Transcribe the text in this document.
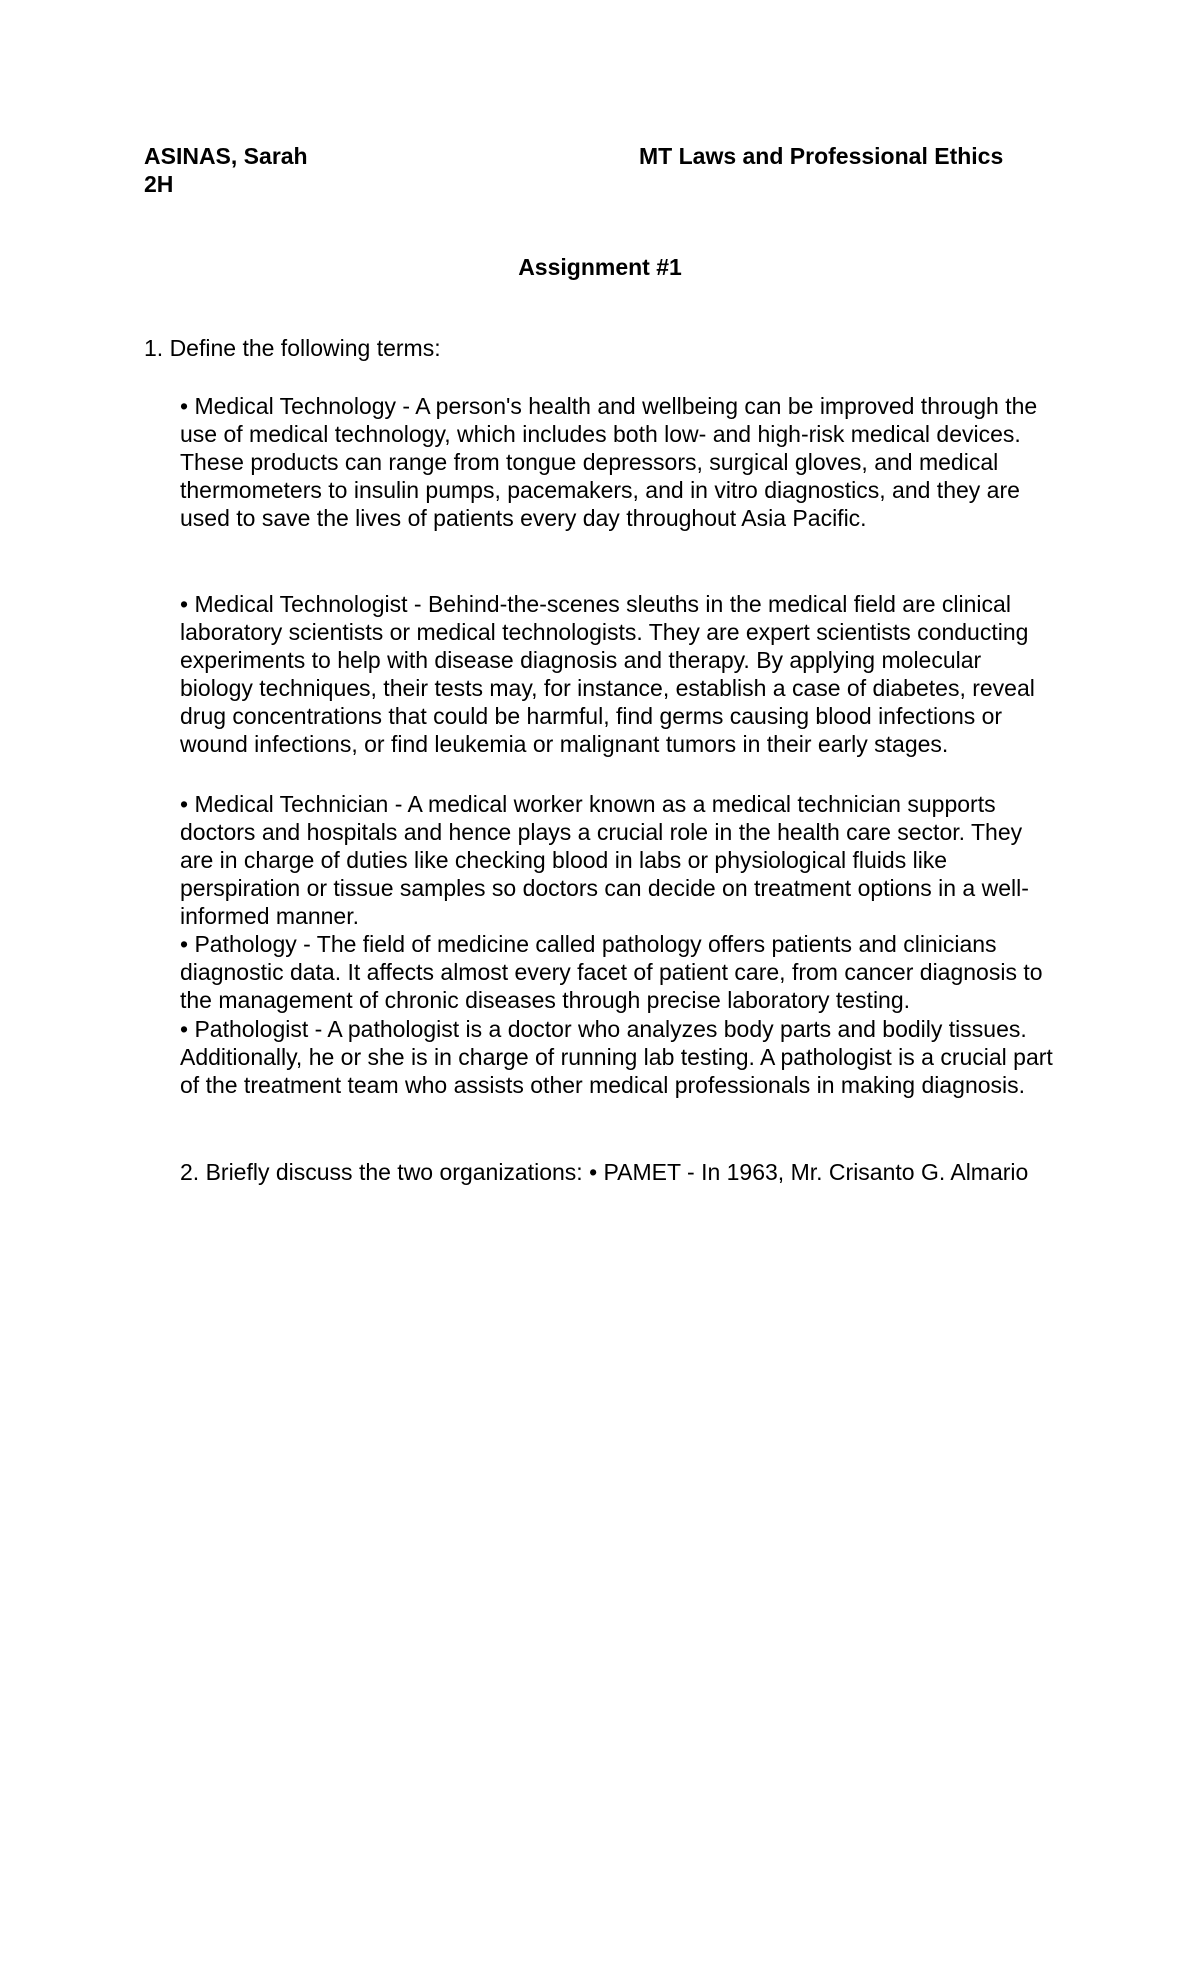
ASINAS, Sarah
2H
MT Laws and Professional Ethics
Assignment #1
1. Define the following terms:

• Medical Technology - A person's health and wellbeing can be improved through the use of medical technology, which includes both low- and high-risk medical devices. These products can range from tongue depressors, surgical gloves, and medical thermometers to insulin pumps, pacemakers, and in vitro diagnostics, and they are used to save the lives of patients every day throughout Asia Pacific.

• Medical Technologist - Behind-the-scenes sleuths in the medical field are clinical laboratory scientists or medical technologists. They are expert scientists conducting experiments to help with disease diagnosis and therapy. By applying molecular biology techniques, their tests may, for instance, establish a case of diabetes, reveal drug concentrations that could be harmful, find germs causing blood infections or wound infections, or find leukemia or malignant tumors in their early stages.

• Medical Technician - A medical worker known as a medical technician supports doctors and hospitals and hence plays a crucial role in the health care sector. They are in charge of duties like checking blood in labs or physiological fluids like perspiration or tissue samples so doctors can decide on treatment options in a well-informed manner.

• Pathology - The field of medicine called pathology offers patients and clinicians diagnostic data. It affects almost every facet of patient care, from cancer diagnosis to the management of chronic diseases through precise laboratory testing.

• Pathologist - A pathologist is a doctor who analyzes body parts and bodily tissues. Additionally, he or she is in charge of running lab testing. A pathologist is a crucial part of the treatment team who assists other medical professionals in making diagnosis.

2. Briefly discuss the two organizations: • PAMET - In 1963, Mr. Crisanto G. Almario
